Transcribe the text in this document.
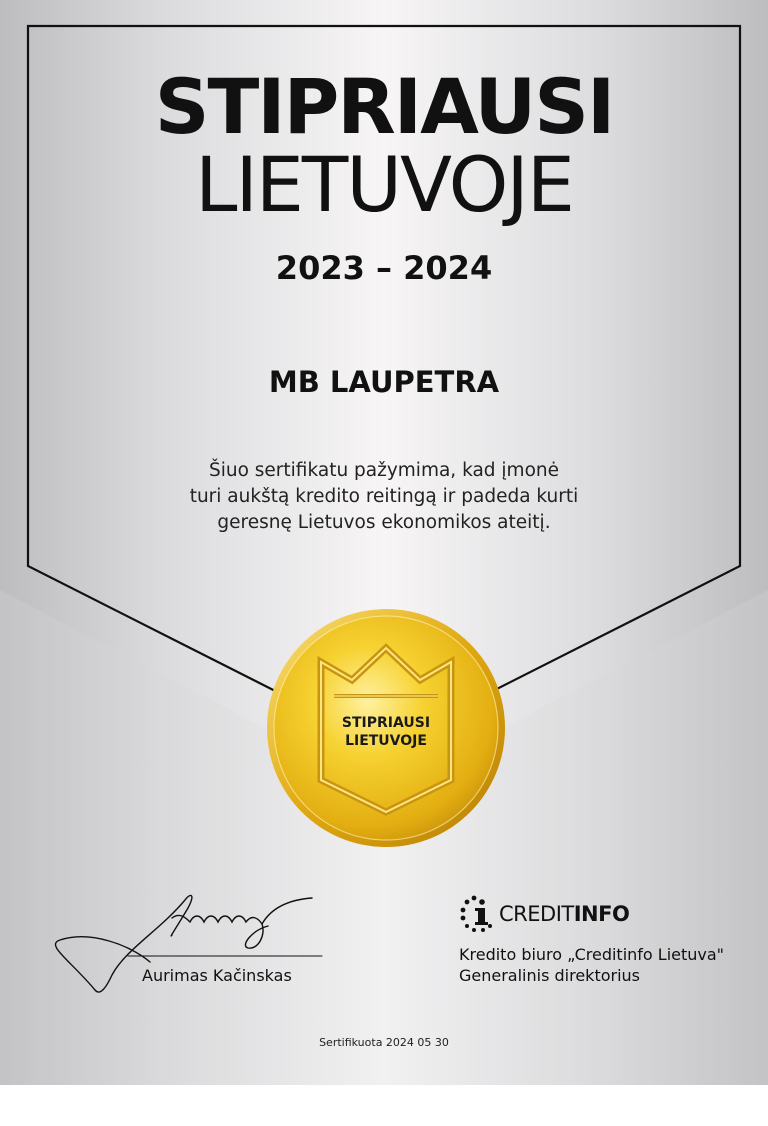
STIPRIAUSI
LIETUVOJE
2023 – 2024
MB LAUPETRA
Šiuo sertifikatu pažymima, kad įmonė
turi aukštą kredito reitingą ir padeda kurti
geresnę Lietuvos ekonomikos ateitį.
STIPRIAUSI
LIETUVOJE
Aurimas Kačinskas
CREDITINFO
Kredito biuro „Creditinfo Lietuva"
Generalinis direktorius
Sertifikuota 2024 05 30
